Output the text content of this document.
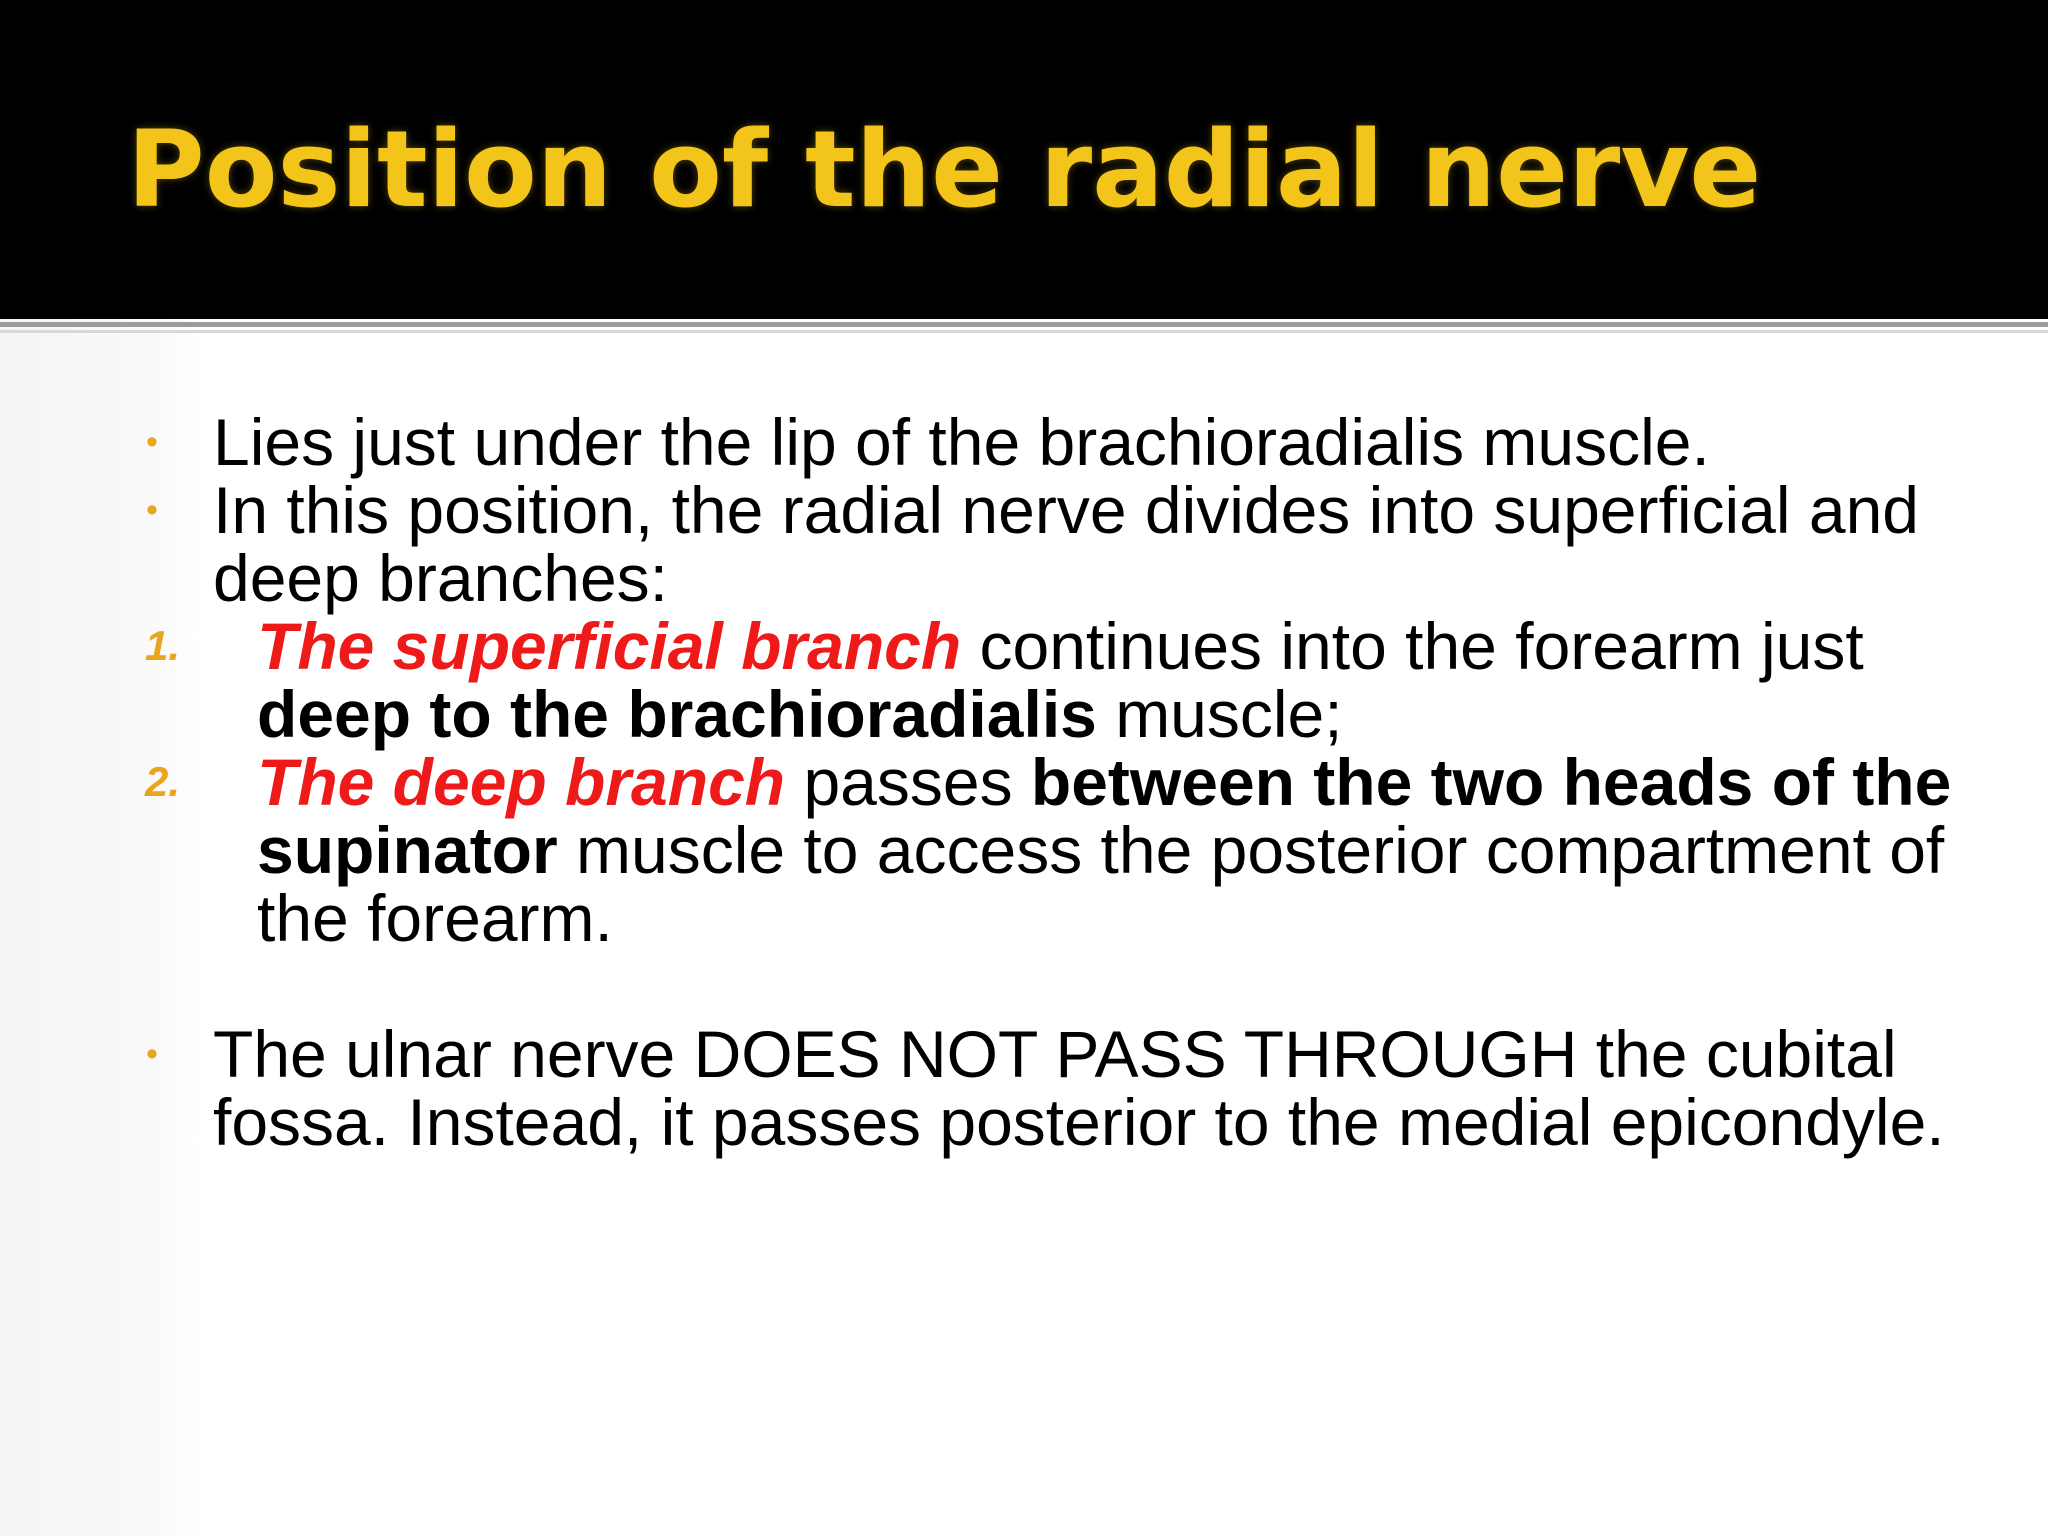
Position of the radial nerve
• Lies just under the lip of the brachioradialis muscle.
• In this position, the radial nerve divides into superficial and deep branches:
1. The superficial branch continues into the forearm just deep to the brachioradialis muscle;
2. The deep branch passes between the two heads of the supinator muscle to access the posterior compartment of the forearm.
• The ulnar nerve DOES NOT PASS THROUGH the cubital fossa. Instead, it passes posterior to the medial epicondyle.
